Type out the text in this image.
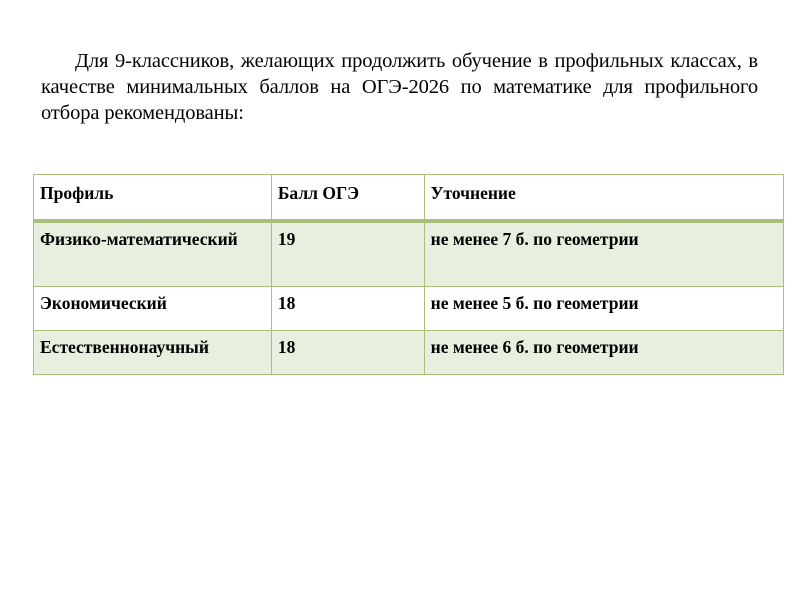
Для 9-классников, желающих продолжить обучение в профильных классах, в качестве минимальных баллов на ОГЭ-2026 по математике для профильного отбора рекомендованы:

Профиль	Балл ОГЭ	Уточнение
Физико-математический	19	не менее 7 б. по геометрии
Экономический	18	не менее 5 б. по геометрии
Естественнонаучный	18	не менее 6 б. по геометрии
